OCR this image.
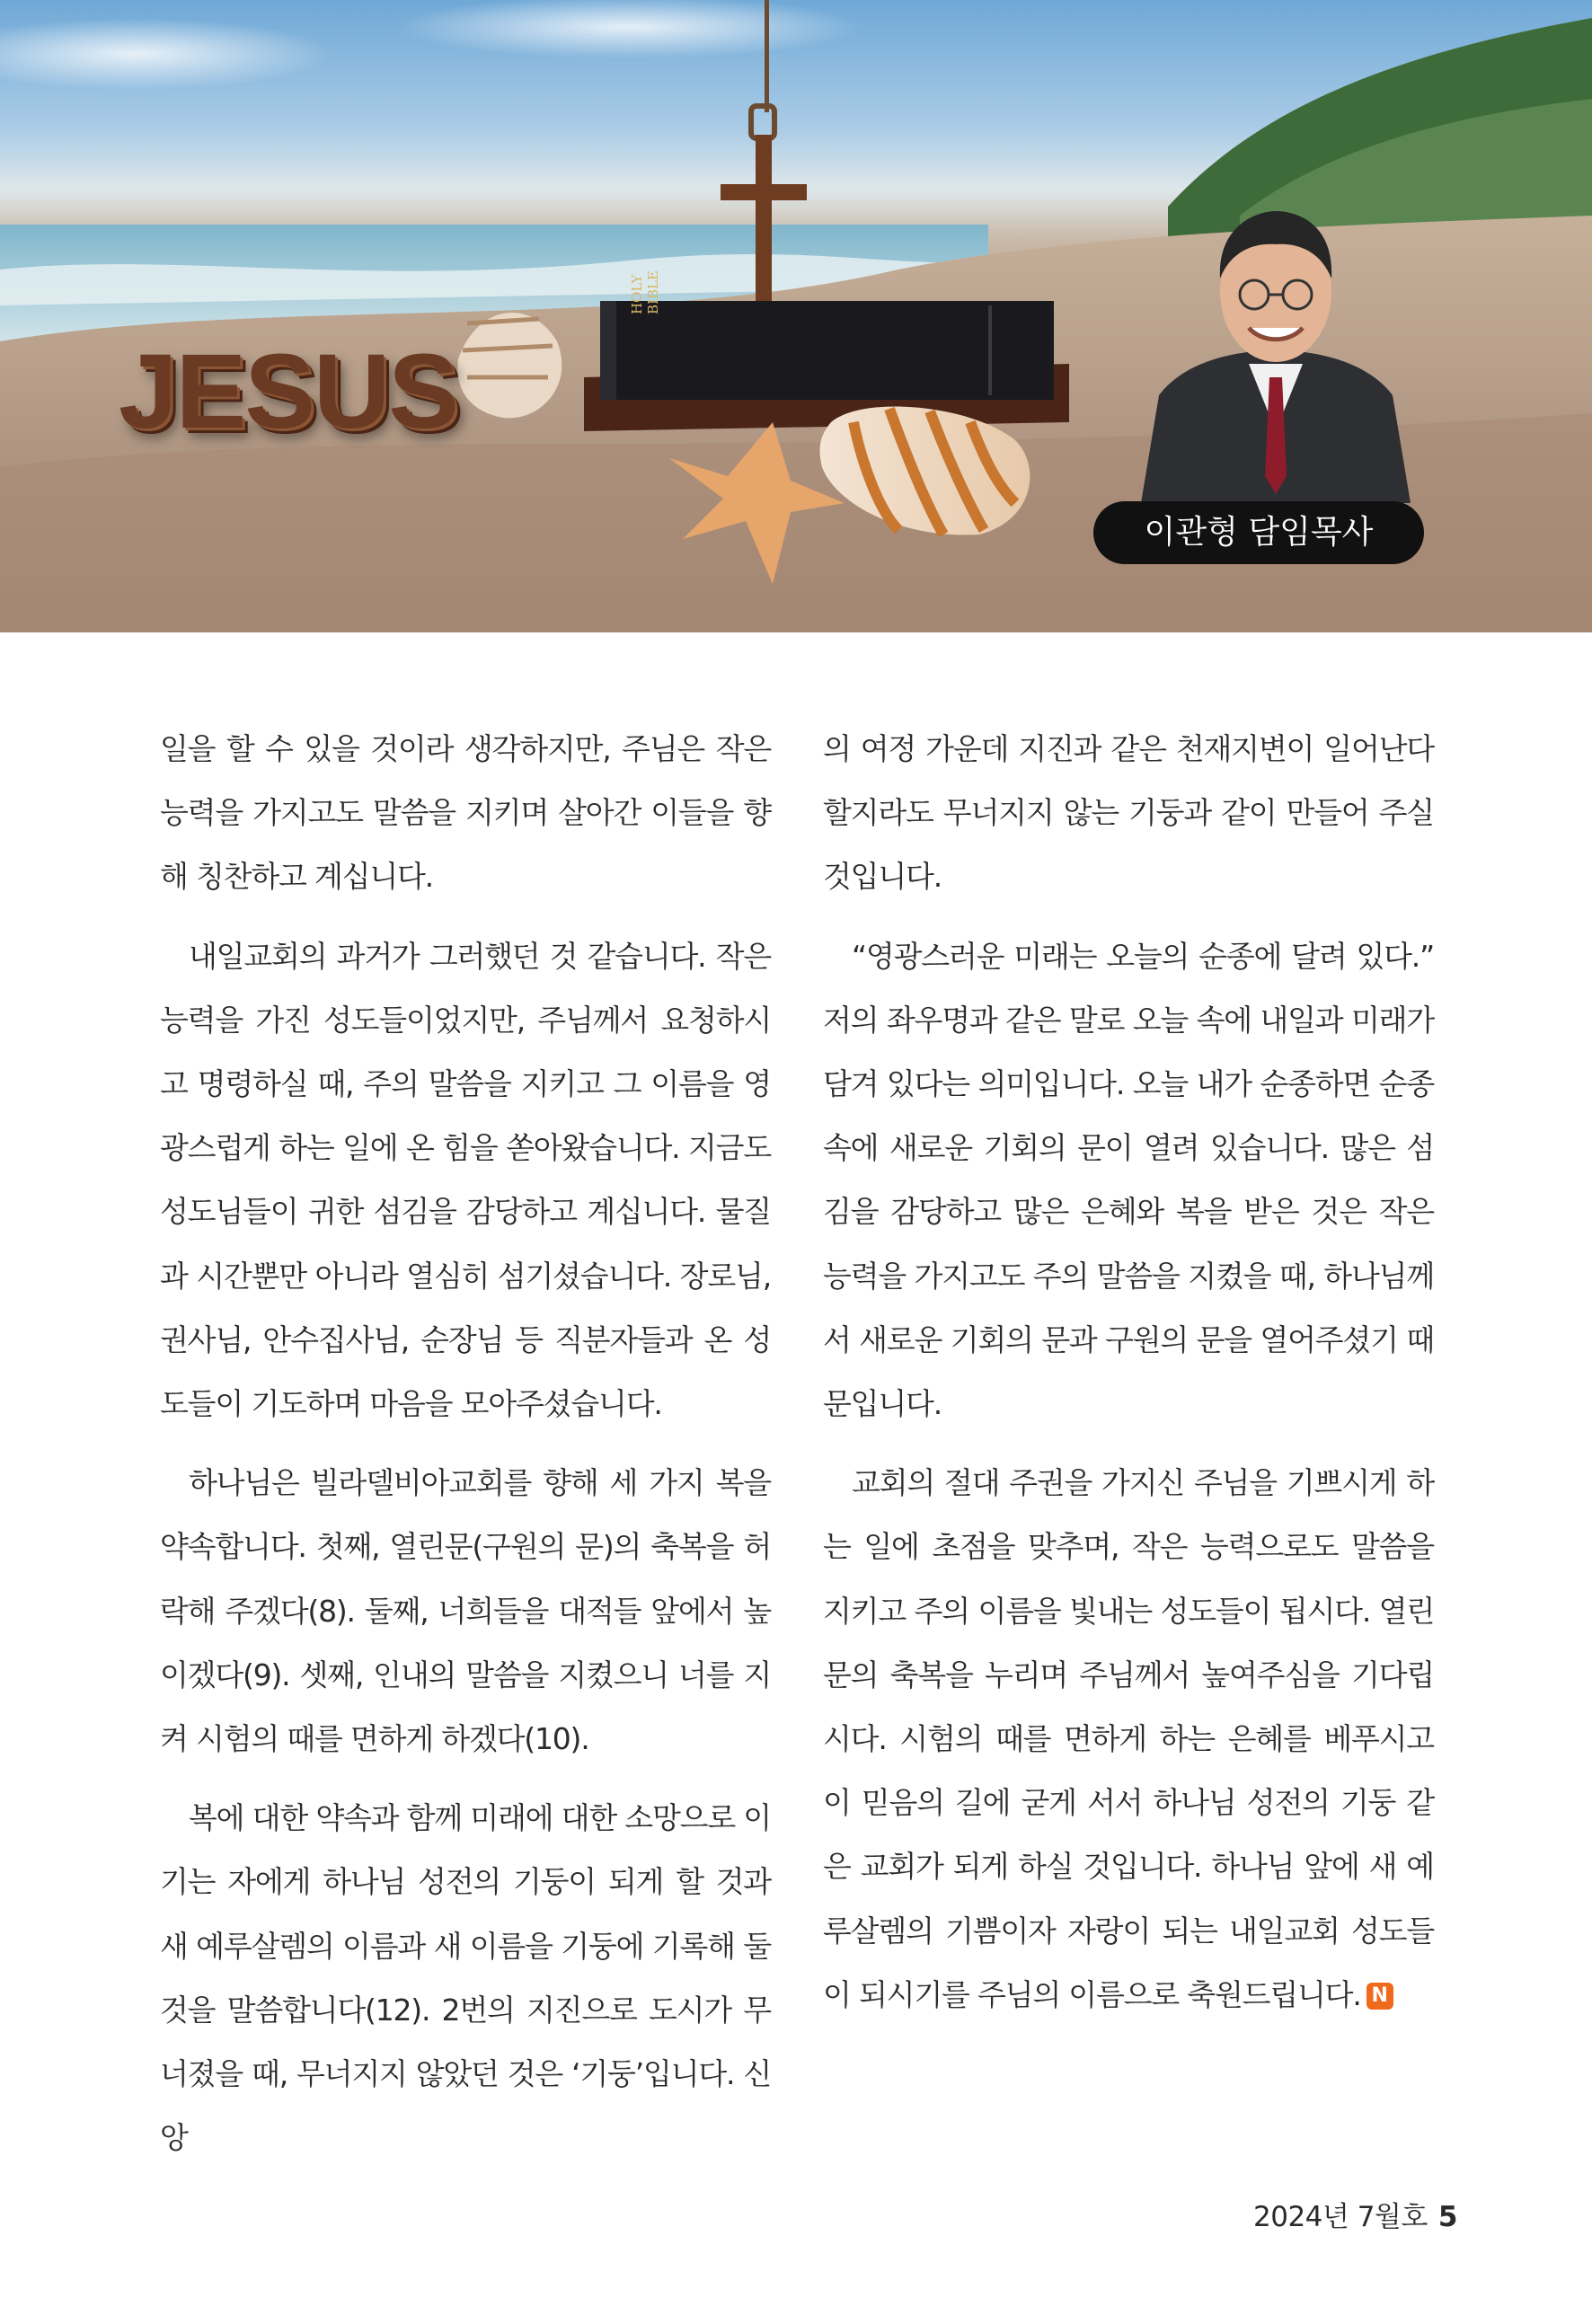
JESUS
HOLY BIBLE
이관형 담임목사

일을 할 수 있을 것이라 생각하지만, 주님은 작은 능력을 가지고도 말씀을 지키며 살아간 이들을 향해 칭찬하고 계십니다.

내일교회의 과거가 그러했던 것 같습니다. 작은 능력을 가진 성도들이었지만, 주님께서 요청하시고 명령하실 때, 주의 말씀을 지키고 그 이름을 영광스럽게 하는 일에 온 힘을 쏟아왔습니다. 지금도 성도님들이 귀한 섬김을 감당하고 계십니다. 물질과 시간뿐만 아니라 열심히 섬기셨습니다. 장로님, 권사님, 안수집사님, 순장님 등 직분자들과 온 성도들이 기도하며 마음을 모아주셨습니다.

하나님은 빌라델비아교회를 향해 세 가지 복을 약속합니다. 첫째, 열린문(구원의 문)의 축복을 허락해 주겠다(8). 둘째, 너희들을 대적들 앞에서 높이겠다(9). 셋째, 인내의 말씀을 지켰으니 너를 지켜 시험의 때를 면하게 하겠다(10).

복에 대한 약속과 함께 미래에 대한 소망으로 이기는 자에게 하나님 성전의 기둥이 되게 할 것과 새 예루살렘의 이름과 새 이름을 기둥에 기록해 둘 것을 말씀합니다(12). 2번의 지진으로 도시가 무너졌을 때, 무너지지 않았던 것은 ‘기둥’입니다. 신앙

의 여정 가운데 지진과 같은 천재지변이 일어난다 할지라도 무너지지 않는 기둥과 같이 만들어 주실 것입니다.

“영광스러운 미래는 오늘의 순종에 달려 있다.” 저의 좌우명과 같은 말로 오늘 속에 내일과 미래가 담겨 있다는 의미입니다. 오늘 내가 순종하면 순종 속에 새로운 기회의 문이 열려 있습니다. 많은 섬김을 감당하고 많은 은혜와 복을 받은 것은 작은 능력을 가지고도 주의 말씀을 지켰을 때, 하나님께서 새로운 기회의 문과 구원의 문을 열어주셨기 때문입니다.

교회의 절대 주권을 가지신 주님을 기쁘시게 하는 일에 초점을 맞추며, 작은 능력으로도 말씀을 지키고 주의 이름을 빛내는 성도들이 됩시다. 열린 문의 축복을 누리며 주님께서 높여주심을 기다립시다. 시험의 때를 면하게 하는 은혜를 베푸시고 이 믿음의 길에 굳게 서서 하나님 성전의 기둥 같은 교회가 되게 하실 것입니다. 하나님 앞에 새 예루살렘의 기쁨이자 자랑이 되는 내일교회 성도들이 되시기를 주님의 이름으로 축원드립니다. N

2024년 7월호 5
